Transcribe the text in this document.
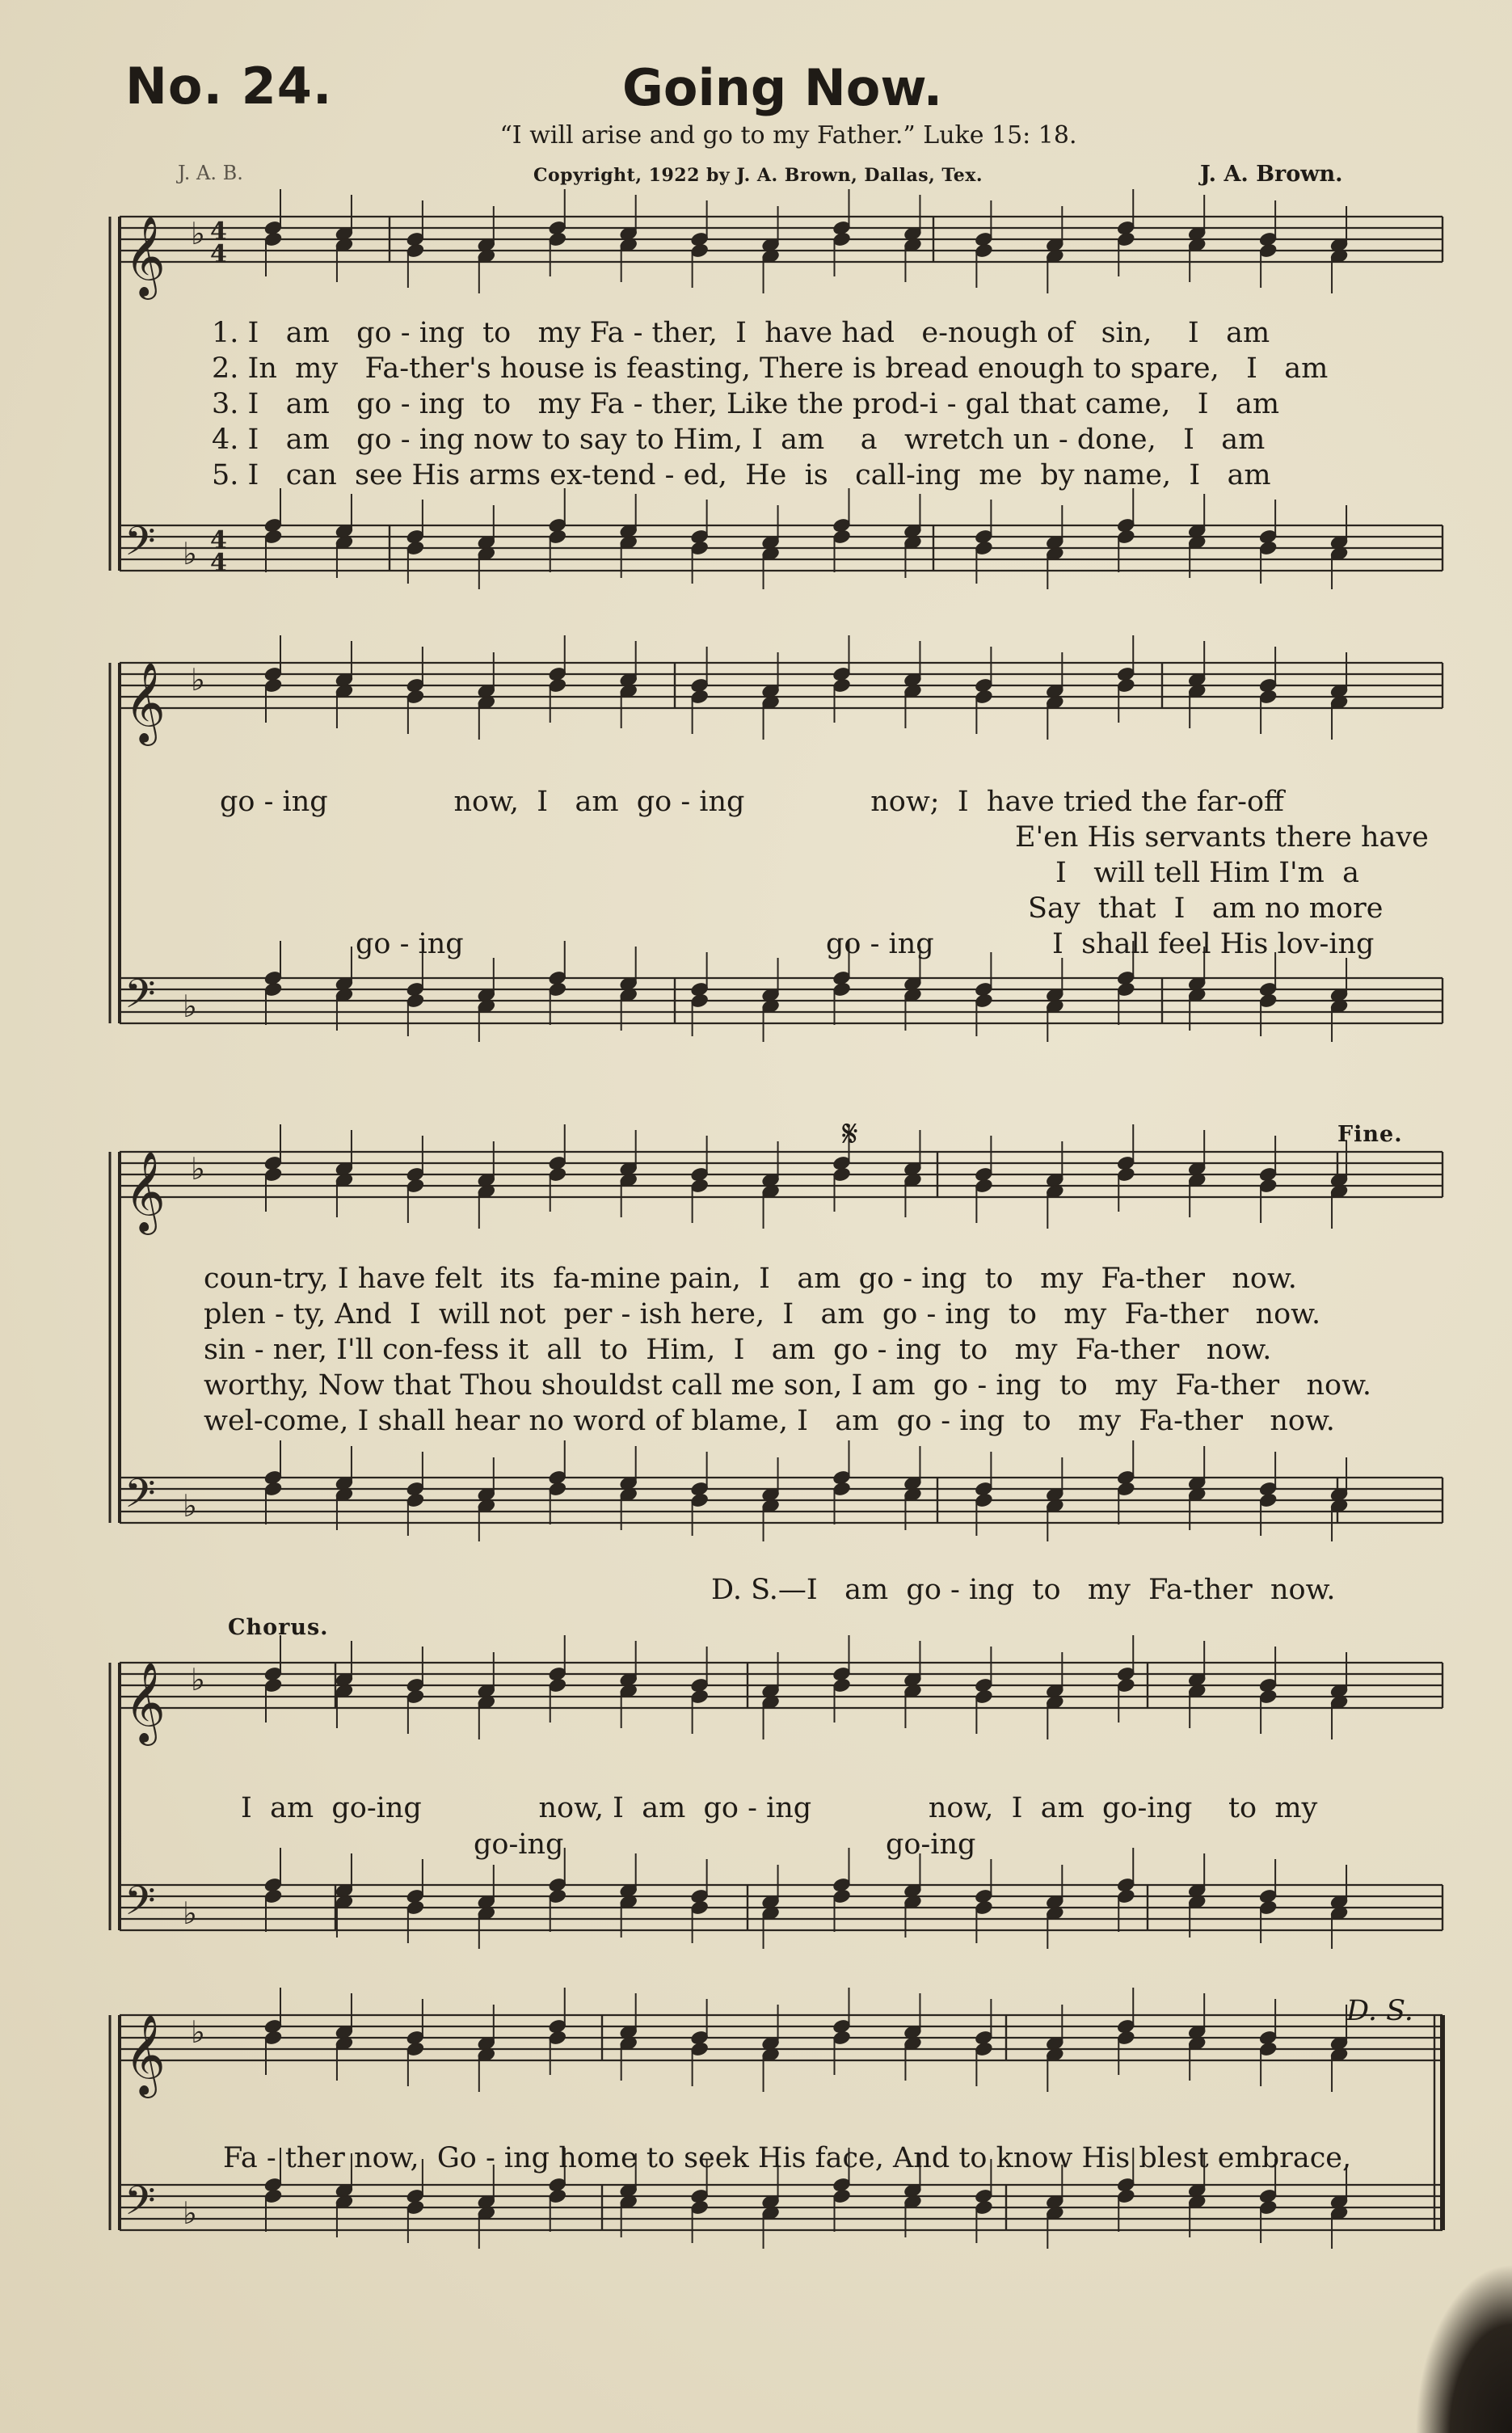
No. 24.	Going Now.
“I will arise and go to my Father.” Luke 15: 18.
J. A. B.	Copyright, 1922 by J. A. Brown, Dallas, Tex.	J. A. Brown.
𝄞 ♭ 4
4
𝄢 ♭ 4
4
𝄞 ♭
𝄢 ♭
𝄞 ♭
𝄢 ♭
𝄞 ♭
𝄢 ♭
𝄞 ♭
𝄢 ♭
1. I   am   go - ing  to   my Fa - ther,  I  have had   e-nough of   sin,    I   am
2. In  my   Fa-ther's house is feasting, There is bread enough to spare,   I   am
3. I   am   go - ing  to   my Fa - ther, Like the prod-i - gal that came,   I   am
4. I   am   go - ing now to say to Him, I  am    a   wretch un - done,   I   am
5. I   can  see His arms ex-tend - ed,  He  is   call-ing  me  by name,  I   am
go - ing              now,  I   am  go - ing              now;  I  have tried the far-off
E'en His servants there have
I   will tell Him I'm  a
Say  that  I   am no more
I  shall feel His lov-ing
go - ing	go - ing
𝄋	Fine.
coun-try, I have felt  its  fa-mine pain,  I   am  go - ing  to   my  Fa-ther   now.
plen - ty, And  I  will not  per - ish here,  I   am  go - ing  to   my  Fa-ther   now.
sin - ner, I'll con-fess it  all  to  Him,  I   am  go - ing  to   my  Fa-ther   now.
worthy, Now that Thou shouldst call me son, I am  go - ing  to   my  Fa-ther   now.
wel-come, I shall hear no word of blame, I   am  go - ing  to   my  Fa-ther   now.
D. S.—I   am  go - ing  to   my  Fa-ther  now.
Chorus.
I  am  go-ing             now, I  am  go - ing             now,  I  am  go-ing    to  my
go-ing	go-ing
D. S.
Fa - ther now,  Go - ing home to seek His face, And to know His blest embrace,
